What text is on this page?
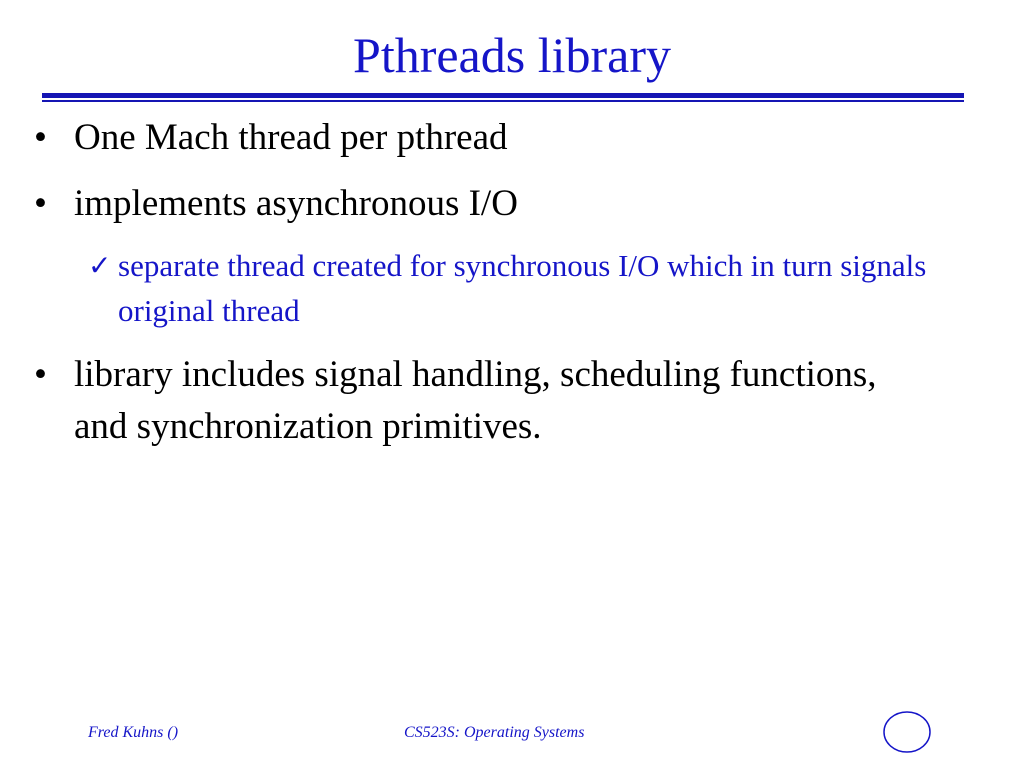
Pthreads library
• One Mach thread per pthread
• implements asynchronous I/O
✓ separate thread created for synchronous I/O which in turn signals original thread
• library includes signal handling, scheduling functions, and synchronization primitives.
Fred Kuhns ()	CS523S: Operating Systems
